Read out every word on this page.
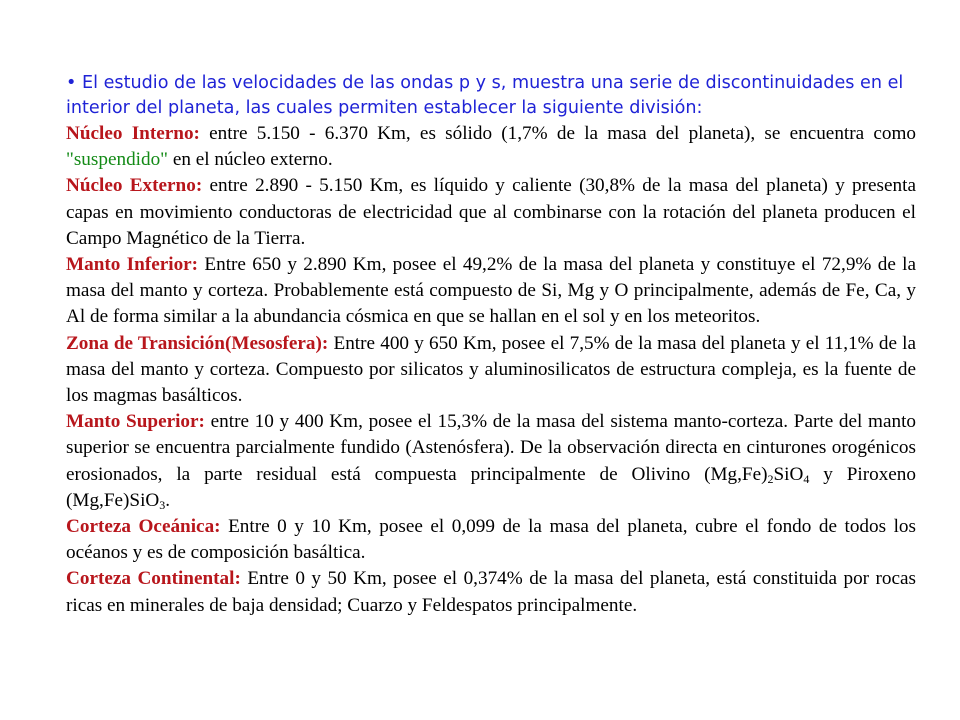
• El estudio de las velocidades de las ondas p y s, muestra una serie de discontinuidades en el interior del planeta, las cuales permiten establecer la siguiente división:

Núcleo Interno: entre 5.150 - 6.370 Km, es sólido (1,7% de la masa del planeta), se encuentra como "suspendido" en el núcleo externo.
Núcleo Externo: entre 2.890 - 5.150 Km, es líquido y caliente (30,8% de la masa del planeta) y presenta capas en movimiento conductoras de electricidad que al combinarse con la rotación del planeta producen el Campo Magnético de la Tierra.
Manto Inferior: Entre 650 y 2.890 Km, posee el 49,2% de la masa del planeta y constituye el 72,9% de la masa del manto y corteza. Probablemente está compuesto de Si, Mg y O principalmente, además de Fe, Ca, y Al de forma similar a la abundancia cósmica en que se hallan en el sol y en los meteoritos.
Zona de Transición(Mesosfera): Entre 400 y 650 Km, posee el 7,5% de la masa del planeta y el 11,1% de la masa del manto y corteza. Compuesto por silicatos y aluminosilicatos de estructura compleja, es la fuente de los magmas basálticos.
Manto Superior: entre 10 y 400 Km, posee el 15,3% de la masa del sistema manto-corteza. Parte del manto superior se encuentra parcialmente fundido (Astenósfera). De la observación directa en cinturones orogénicos erosionados, la parte residual está compuesta principalmente de Olivino $(Mg,Fe)_2SiO_4$ y Piroxeno (Mg,Fe)SiO$_3$.
Corteza Oceánica: Entre 0 y 10 Km, posee el 0,099 de la masa del planeta, cubre el fondo de todos los océanos y es de composición basáltica.
Corteza Continental: Entre 0 y 50 Km, posee el 0,374% de la masa del planeta, está constituida por rocas ricas en minerales de baja densidad; Cuarzo y Feldespatos principalmente.
